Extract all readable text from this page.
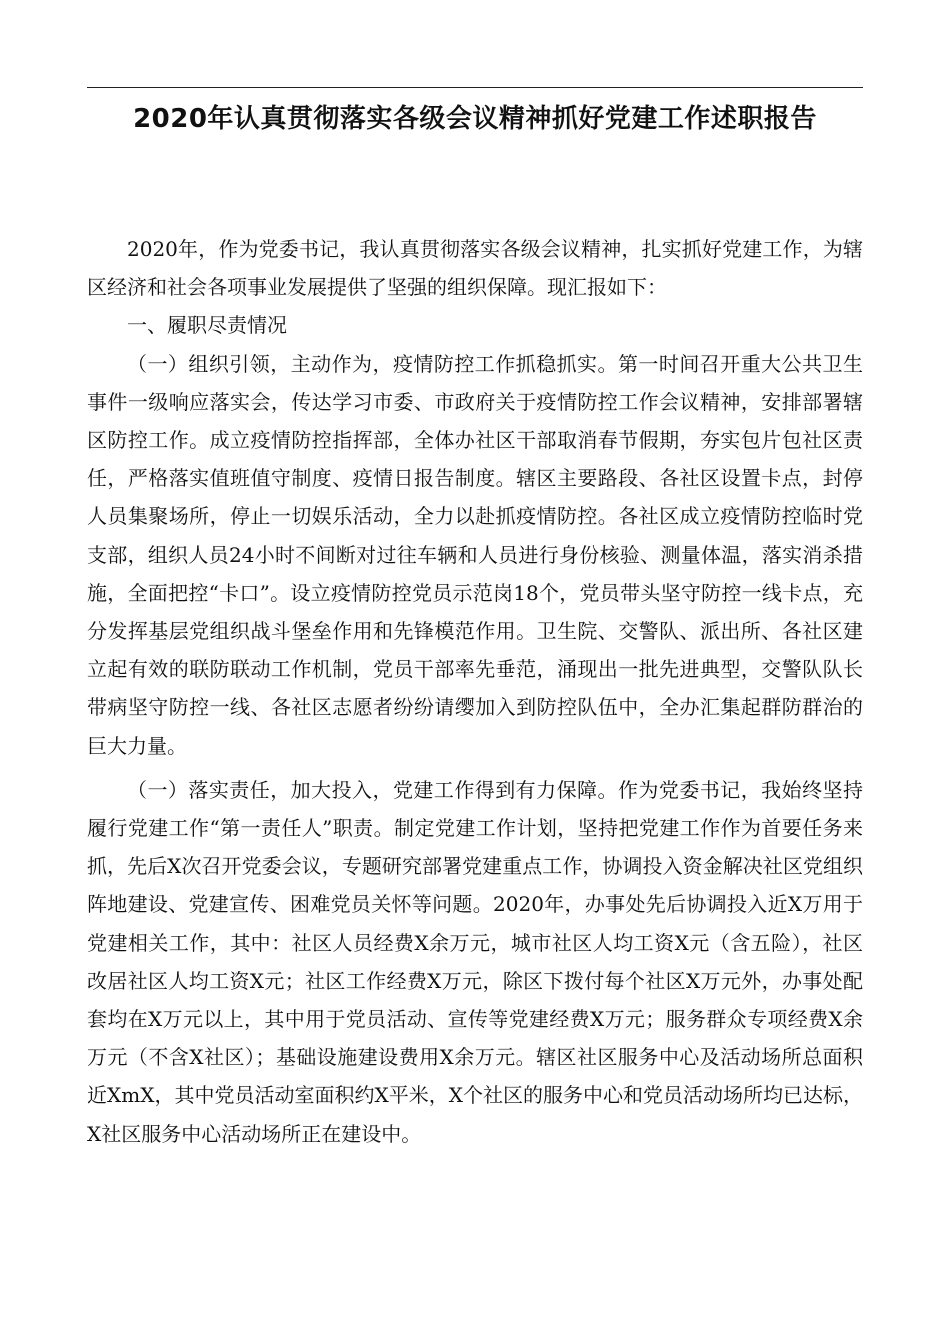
2020年认真贯彻落实各级会议精神抓好党建工作述职报告

2020年，作为党委书记，我认真贯彻落实各级会议精神，扎实抓好党建工作，为辖区经济和社会各项事业发展提供了坚强的组织保障。现汇报如下：

一、履职尽责情况

（一）组织引领，主动作为，疫情防控工作抓稳抓实。第一时间召开重大公共卫生事件一级响应落实会，传达学习市委、市政府关于疫情防控工作会议精神，安排部署辖区防控工作。成立疫情防控指挥部，全体办社区干部取消春节假期，夯实包片包社区责任，严格落实值班值守制度、疫情日报告制度。辖区主要路段、各社区设置卡点，封停人员集聚场所，停止一切娱乐活动，全力以赴抓疫情防控。各社区成立疫情防控临时党支部，组织人员24小时不间断对过往车辆和人员进行身份核验、测量体温，落实消杀措施，全面把控“卡口”。设立疫情防控党员示范岗18个，党员带头坚守防控一线卡点，充分发挥基层党组织战斗堡垒作用和先锋模范作用。卫生院、交警队、派出所、各社区建立起有效的联防联动工作机制，党员干部率先垂范，涌现出一批先进典型，交警队队长带病坚守防控一线、各社区志愿者纷纷请缨加入到防控队伍中，全办汇集起群防群治的巨大力量。

（一）落实责任，加大投入，党建工作得到有力保障。作为党委书记，我始终坚持履行党建工作“第一责任人”职责。制定党建工作计划，坚持把党建工作作为首要任务来抓，先后X次召开党委会议，专题研究部署党建重点工作，协调投入资金解决社区党组织阵地建设、党建宣传、困难党员关怀等问题。2020年，办事处先后协调投入近X万用于党建相关工作，其中：社区人员经费X余万元，城市社区人均工资X元（含五险），社区改居社区人均工资X元；社区工作经费X万元，除区下拨付每个社区X万元外，办事处配套均在X万元以上，其中用于党员活动、宣传等党建经费X万元；服务群众专项经费X余万元（不含X社区）；基础设施建设费用X余万元。辖区社区服务中心及活动场所总面积近XmX，其中党员活动室面积约X平米，X个社区的服务中心和党员活动场所均已达标，X社区服务中心活动场所正在建设中。
